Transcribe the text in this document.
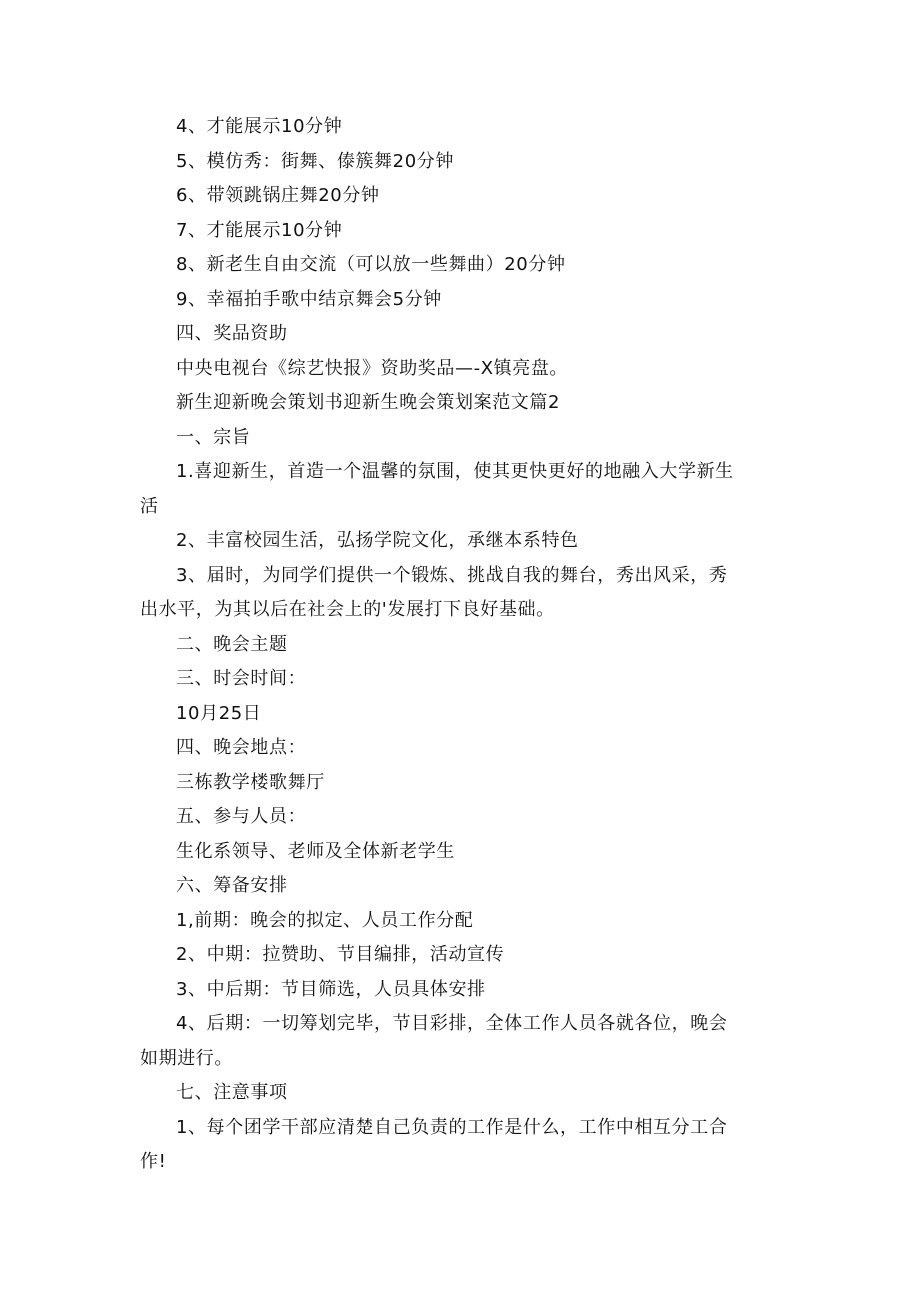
4、才能展示10分钟
5、模仿秀：街舞、傣簇舞20分钟
6、带领跳锅庄舞20分钟
7、才能展示10分钟
8、新老生自由交流（可以放一些舞曲）20分钟
9、幸福拍手歌中结京舞会5分钟
四、奖品资助
中央电视台《综艺快报》资助奖品—-X镇亮盘。
新生迎新晚会策划书迎新生晚会策划案范文篇2
一、宗旨
1.喜迎新生，首造一个温馨的氛围，使其更快更好的地融入大学新生
活
2、丰富校园生活，弘扬学院文化，承继本系特色
3、届时，为同学们提供一个锻炼、挑战自我的舞台，秀出风采，秀
出水平，为其以后在社会上的'发展打下良好基础。
二、晚会主题
三、时会时间：
10月25日
四、晚会地点：
三栋教学楼歌舞厅
五、参与人员：
生化系领导、老师及全体新老学生
六、筹备安排
1,前期：晚会的拟定、人员工作分配
2、中期：拉赞助、节目编排，活动宣传
3、中后期：节目筛选，人员具体安排
4、后期：一切筹划完毕，节目彩排，全体工作人员各就各位，晚会
如期进行。
七、注意事项
1、每个团学干部应清楚自己负责的工作是什么，工作中相互分工合
作!
